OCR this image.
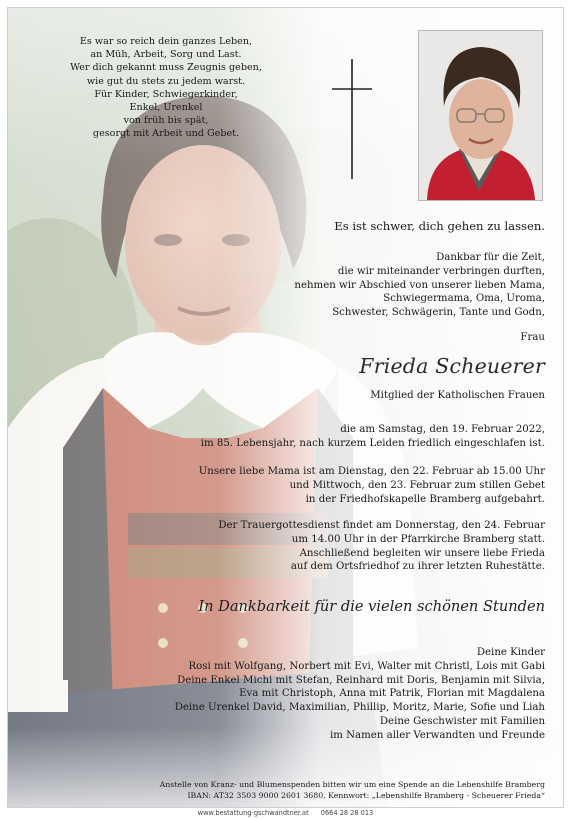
Es war so reich dein ganzes Leben,
an Müh, Arbeit, Sorg und Last.
Wer dich gekannt muss Zeugnis geben,
wie gut du stets zu jedem warst.
Für Kinder, Schwiegerkinder,
Enkel, Urenkel
von früh bis spät,
gesorgt mit Arbeit und Gebet.
Es ist schwer, dich gehen zu lassen.
Dankbar für die Zeit,
die wir miteinander verbringen durften,
nehmen wir Abschied von unserer lieben Mama,
Schwiegermama, Oma, Uroma,
Schwester, Schwägerin, Tante und Godn,
Frau
Frieda Scheuerer
Mitglied der Katholischen Frauen
die am Samstag, den 19. Februar 2022,
im 85. Lebensjahr, nach kurzem Leiden friedlich eingeschlafen ist.
Unsere liebe Mama ist am Dienstag, den 22. Februar ab 15.00 Uhr
und Mittwoch, den 23. Februar zum stillen Gebet
in der Friedhofskapelle Bramberg aufgebahrt.
Der Trauergottesdienst findet am Donnerstag, den 24. Februar
um 14.00 Uhr in der Pfarrkirche Bramberg statt.
Anschließend begleiten wir unsere liebe Frieda
auf dem Ortsfriedhof zu ihrer letzten Ruhestätte.
In Dankbarkeit für die vielen schönen Stunden
Deine Kinder
Rosi mit Wolfgang, Norbert mit Evi, Walter mit Christl, Lois mit Gabi
Deine Enkel Michi mit Stefan, Reinhard mit Doris, Benjamin mit Silvia,
Eva mit Christoph, Anna mit Patrik, Florian mit Magdalena
Deine Urenkel David, Maximilian, Phillip, Moritz, Marie, Sofie und Liah
Deine Geschwister mit Familien
im Namen aller Verwandten und Freunde
Anstelle von Kranz- und Blumenspenden bitten wir um eine Spende an die Lebenshilfe Bramberg
IBAN: AT32 3503 9000 2601 3680, Kennwort: „Lebenshilfe Bramberg - Scheuerer Frieda“
www.bestattung-gschwandtner.at 0664 28 28 013
